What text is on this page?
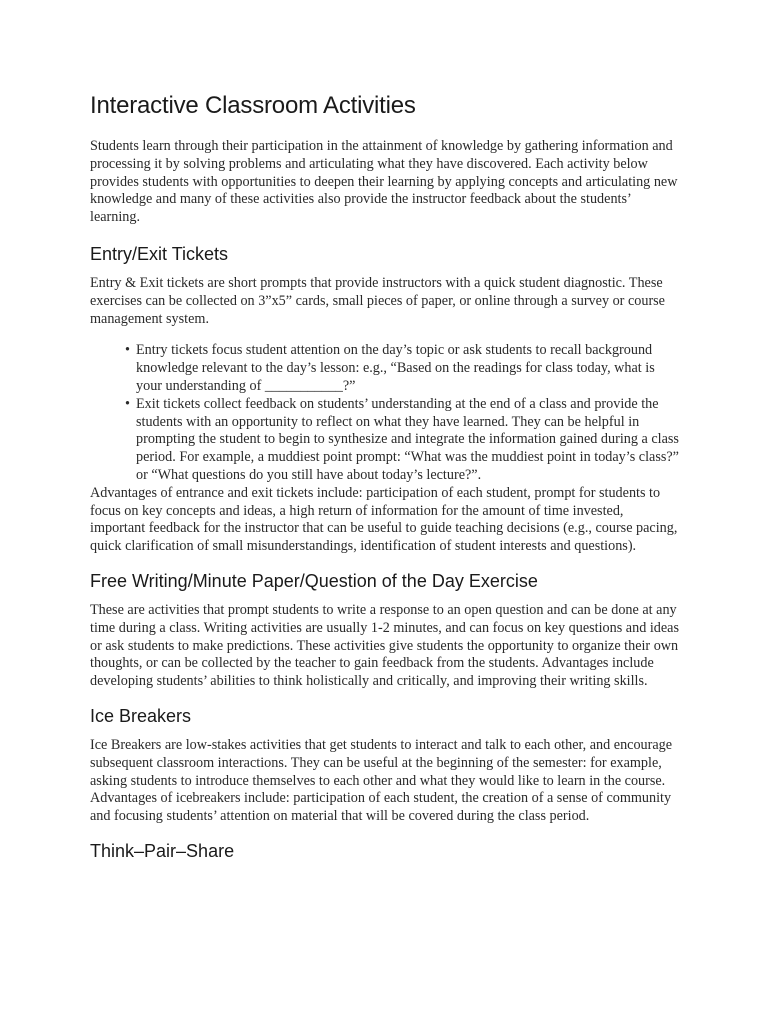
Interactive Classroom Activities

Students learn through their participation in the attainment of knowledge by gathering information and processing it by solving problems and articulating what they have discovered. Each activity below provides students with opportunities to deepen their learning by applying concepts and articulating new knowledge and many of these activities also provide the instructor feedback about the students’ learning.

Entry/Exit Tickets

Entry & Exit tickets are short prompts that provide instructors with a quick student diagnostic. These exercises can be collected on 3”x5” cards, small pieces of paper, or online through a survey or course management system.

• Entry tickets focus student attention on the day’s topic or ask students to recall background knowledge relevant to the day’s lesson: e.g., “Based on the readings for class today, what is your understanding of ___________?”
• Exit tickets collect feedback on students’ understanding at the end of a class and provide the students with an opportunity to reflect on what they have learned. They can be helpful in prompting the student to begin to synthesize and integrate the information gained during a class period. For example, a muddiest point prompt: “What was the muddiest point in today’s class?” or “What questions do you still have about today’s lecture?”.

Advantages of entrance and exit tickets include: participation of each student, prompt for students to focus on key concepts and ideas, a high return of information for the amount of time invested, important feedback for the instructor that can be useful to guide teaching decisions (e.g., course pacing, quick clarification of small misunderstandings, identification of student interests and questions).

Free Writing/Minute Paper/Question of the Day Exercise

These are activities that prompt students to write a response to an open question and can be done at any time during a class. Writing activities are usually 1-2 minutes, and can focus on key questions and ideas or ask students to make predictions. These activities give students the opportunity to organize their own thoughts, or can be collected by the teacher to gain feedback from the students. Advantages include developing students’ abilities to think holistically and critically, and improving their writing skills.

Ice Breakers

Ice Breakers are low-stakes activities that get students to interact and talk to each other, and encourage subsequent classroom interactions. They can be useful at the beginning of the semester: for example, asking students to introduce themselves to each other and what they would like to learn in the course. Advantages of icebreakers include: participation of each student, the creation of a sense of community and focusing students’ attention on material that will be covered during the class period.

Think–Pair–Share
